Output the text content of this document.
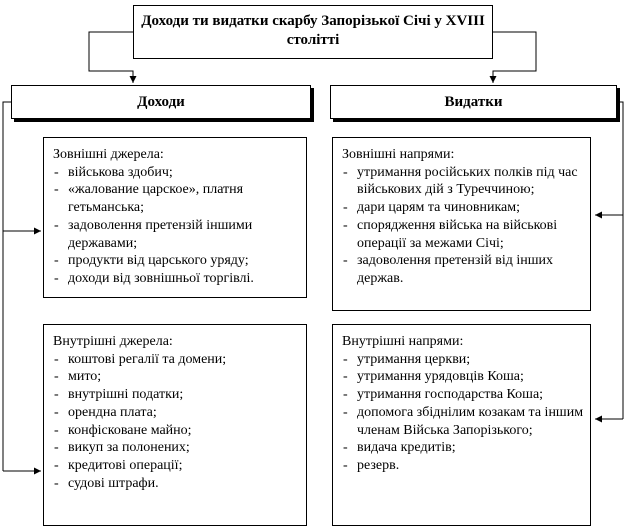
Доходи ти видатки скарбу Запорізької Січі у XVIII столітті
Доходи	Видатки
Зовнішні джерела:
- військова здобич;
- «жалование царское», платня гетьманська;
- задоволення претензій іншими державами;
- продукти від царського уряду;
- доходи від зовнішньої торгівлі.
Внутрішні джерела:
- коштові регалії та домени;
- мито;
- внутрішні податки;
- орендна плата;
- конфісковане майно;
- викуп за полонених;
- кредитові операції;
- судові штрафи.
Зовнішні напрями:
- утримання російських полків під час військових дій з Туреччиною;
- дари царям та чиновникам;
- спорядження війська на військові операції за межами Січі;
- задоволення претензій від інших держав.
Внутрішні напрями:
- утримання церкви;
- утримання урядовців Коша;
- утримання господарства Коша;
- допомога збіднілим козакам та іншим членам Війська Запорізького;
- видача кредитів;
- резерв.
